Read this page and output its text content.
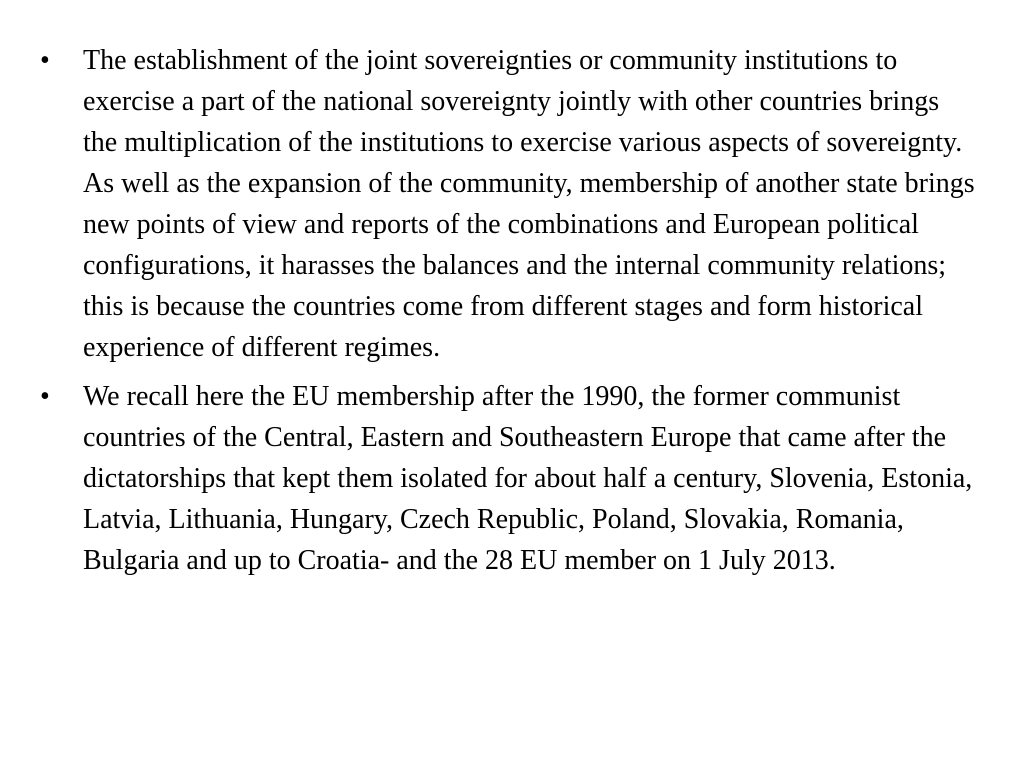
•	The establishment of the joint sovereignties or community institutions to exercise a part of the national sovereignty jointly with other countries brings the multiplication of the institutions to exercise various aspects of sovereignty. As well as the expansion of the community, membership of another state brings new points of view and reports of the combinations and European political configurations, it harasses the balances and the internal community relations; this is because the countries come from different stages and form historical experience of different regimes.
•	We recall here the EU membership after the 1990, the former communist countries of the Central, Eastern and Southeastern Europe that came after the dictatorships that kept them isolated for about half a century, Slovenia, Estonia, Latvia, Lithuania, Hungary, Czech Republic, Poland, Slovakia, Romania, Bulgaria and up to Croatia- and the 28 EU member on 1 July 2013.
